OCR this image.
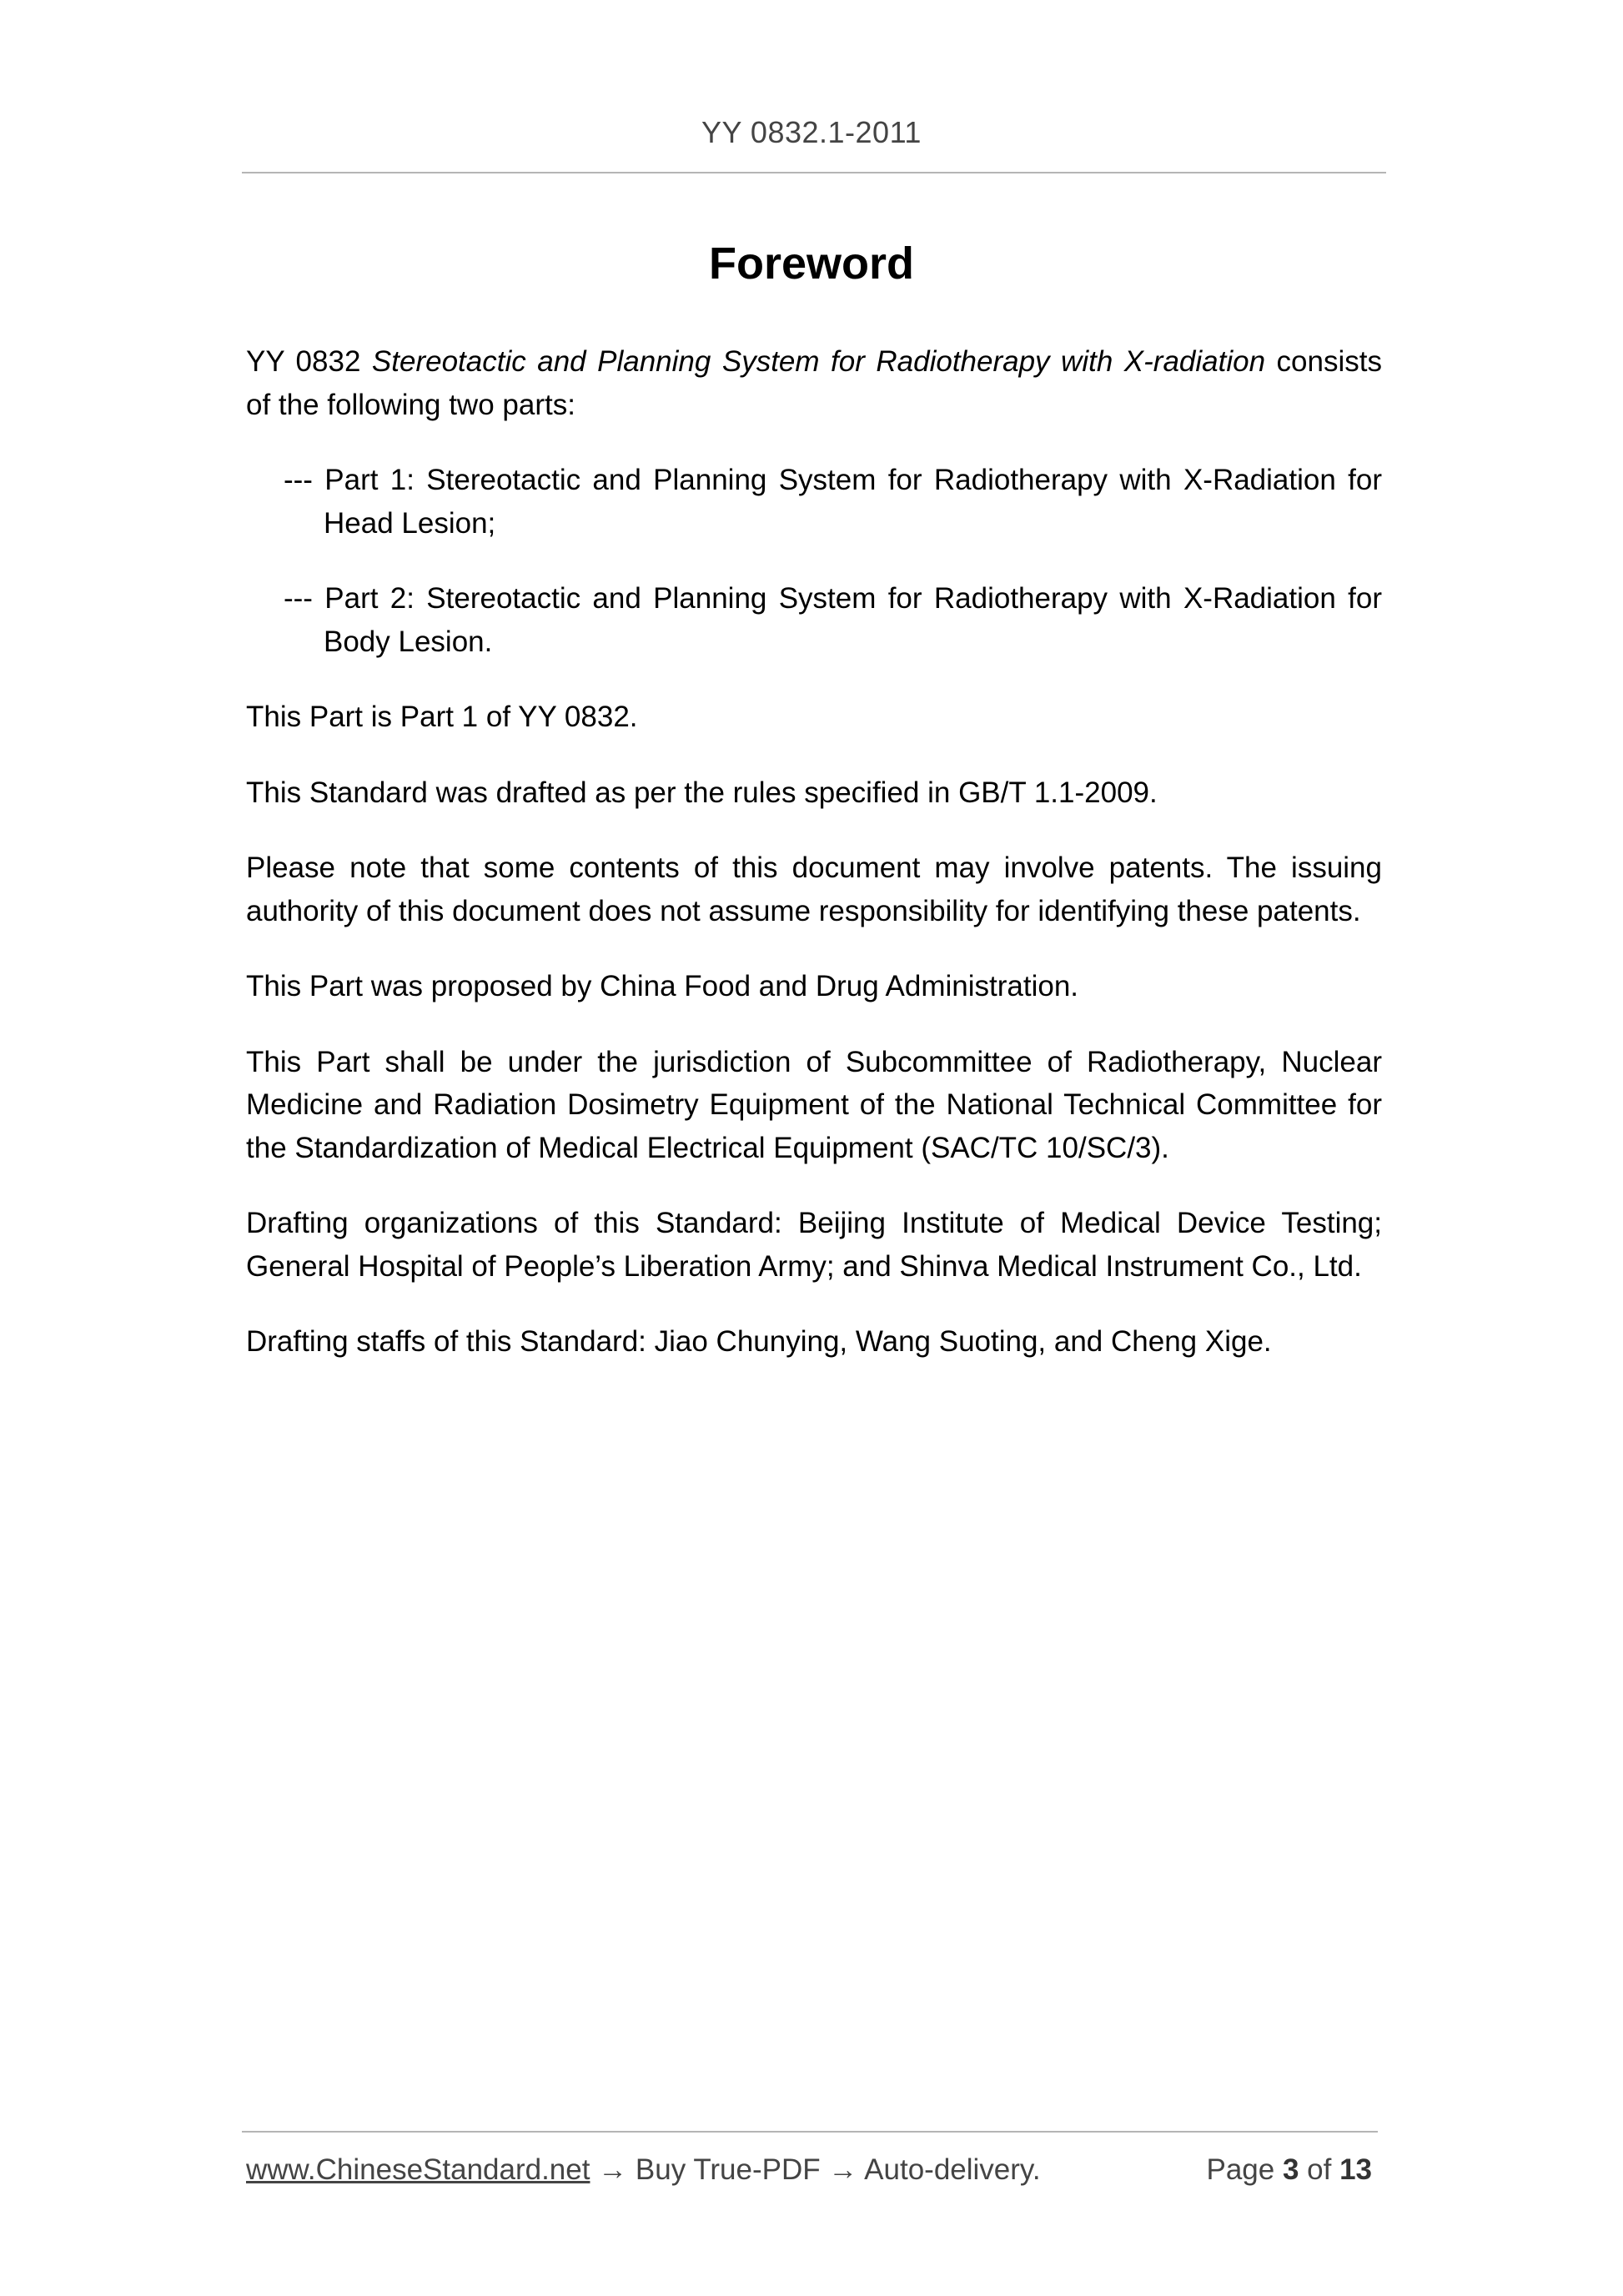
YY 0832.1-2011
Foreword

YY 0832 Stereotactic and Planning System for Radiotherapy with X-radiation consists of the following two parts:

--- Part 1: Stereotactic and Planning System for Radiotherapy with X-Radiation for Head Lesion;

--- Part 2: Stereotactic and Planning System for Radiotherapy with X-Radiation for Body Lesion.

This Part is Part 1 of YY 0832.

This Standard was drafted as per the rules specified in GB/T 1.1-2009.

Please note that some contents of this document may involve patents. The issuing authority of this document does not assume responsibility for identifying these patents.

This Part was proposed by China Food and Drug Administration.

This Part shall be under the jurisdiction of Subcommittee of Radiotherapy, Nuclear Medicine and Radiation Dosimetry Equipment of the National Technical Committee for the Standardization of Medical Electrical Equipment (SAC/TC 10/SC/3).

Drafting organizations of this Standard: Beijing Institute of Medical Device Testing; General Hospital of People’s Liberation Army; and Shinva Medical Instrument Co., Ltd.

Drafting staffs of this Standard: Jiao Chunying, Wang Suoting, and Cheng Xige.

www.ChineseStandard.net → Buy True-PDF → Auto-delivery.	Page 3 of 13
